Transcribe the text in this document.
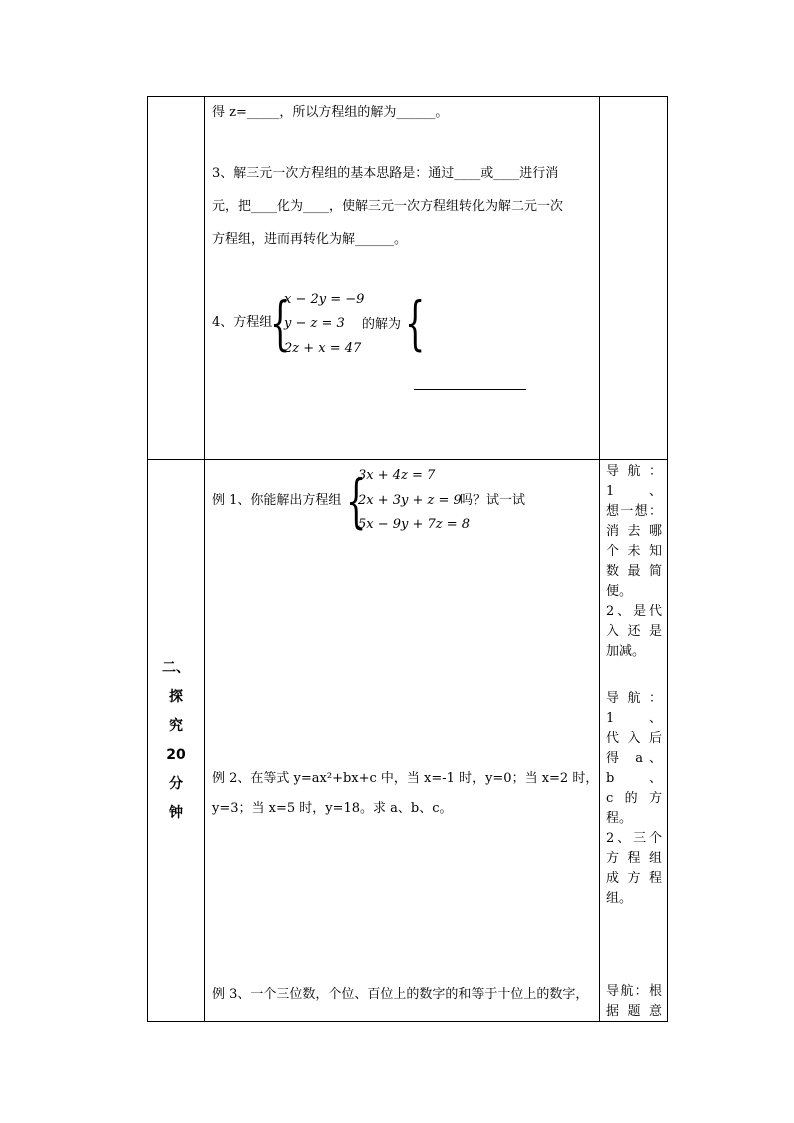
得 z=_____，所以方程组的解为______。
3、解三元一次方程组的基本思路是：通过____或____进行消
元，把____化为____，使解三元一次方程组转化为解二元一次
方程组，进而再转化为解______。
4、方程组
{
x − 2y = −9
y − z = 3
2z + x = 47
的解为 {
二、
探
究
20
分
钟
例 1、你能解出方程组 {
3x + 4z = 7
2x + 3y + z = 9
5x − 9y + 7z = 8
吗？试一试
例 2、在等式 y=ax²+bx+c 中，当 x=-1 时，y=0；当 x=2 时，
y=3；当 x=5 时，y=18。求 a、b、c。
例 3、一个三位数，个位、百位上的数字的和等于十位上的数字，
导航：1、
想一想：
消 去 哪
个 未 知
数 最 简
便。
2、是代
入 还 是
加减。
导航：1、
代 入 后
得 a、b、
c的方程。
2、三个
方 程 组
成 方 程
组。
导航：根
据 题 意
